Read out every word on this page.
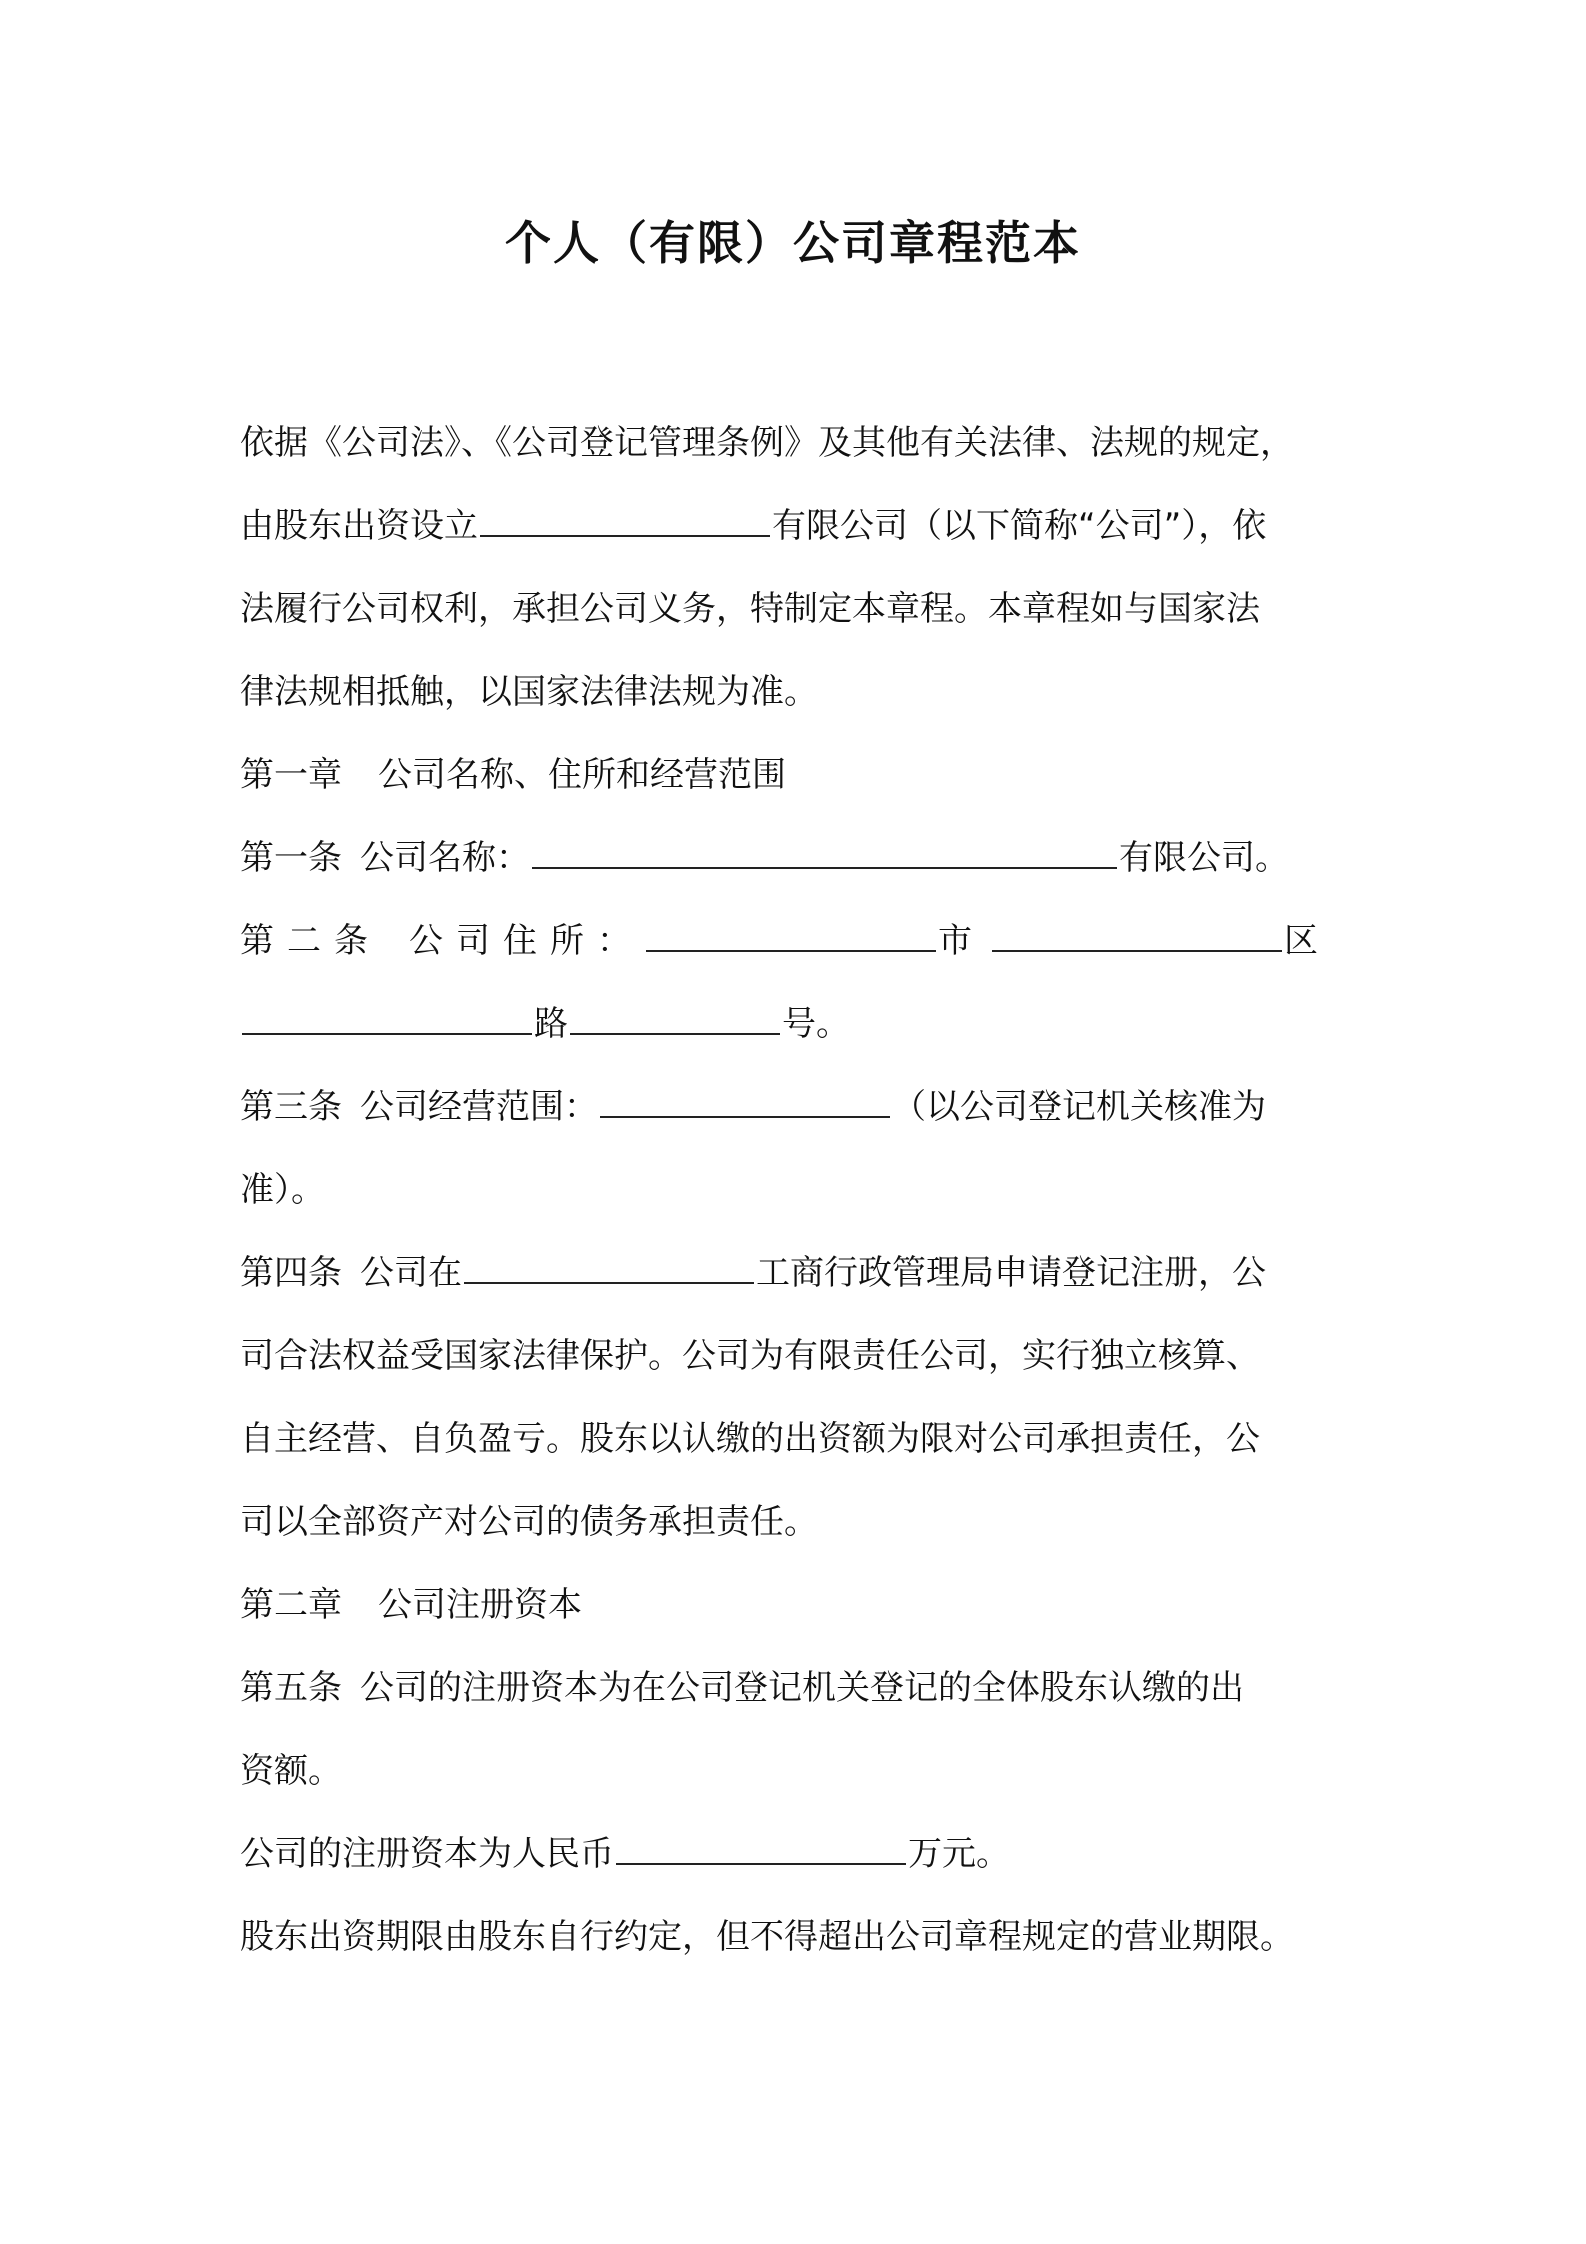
个人（有限）公司章程范本
依据《公司法》、《公司登记管理条例》及其他有关法律、法规的规定，
由股东出资设立	有限公司（以下简称“公司”），依
法履行公司权利，承担公司义务，特制定本章程。本章程如与国家法
律法规相抵触，以国家法律法规为准。
第一章 公司名称、住所和经营范围
第一条 公司名称：	有限公司。
第二条 公司住所：	市	区
路	号。
第三条 公司经营范围：	（以公司登记机关核准为
准）。
第四条 公司在	工商行政管理局申请登记注册，公
司合法权益受国家法律保护。公司为有限责任公司，实行独立核算、
自主经营、自负盈亏。股东以认缴的出资额为限对公司承担责任，公
司以全部资产对公司的债务承担责任。
第二章 公司注册资本
第五条 公司的注册资本为在公司登记机关登记的全体股东认缴的出
资额。
公司的注册资本为人民币	万元。
股东出资期限由股东自行约定，但不得超出公司章程规定的营业期限。
